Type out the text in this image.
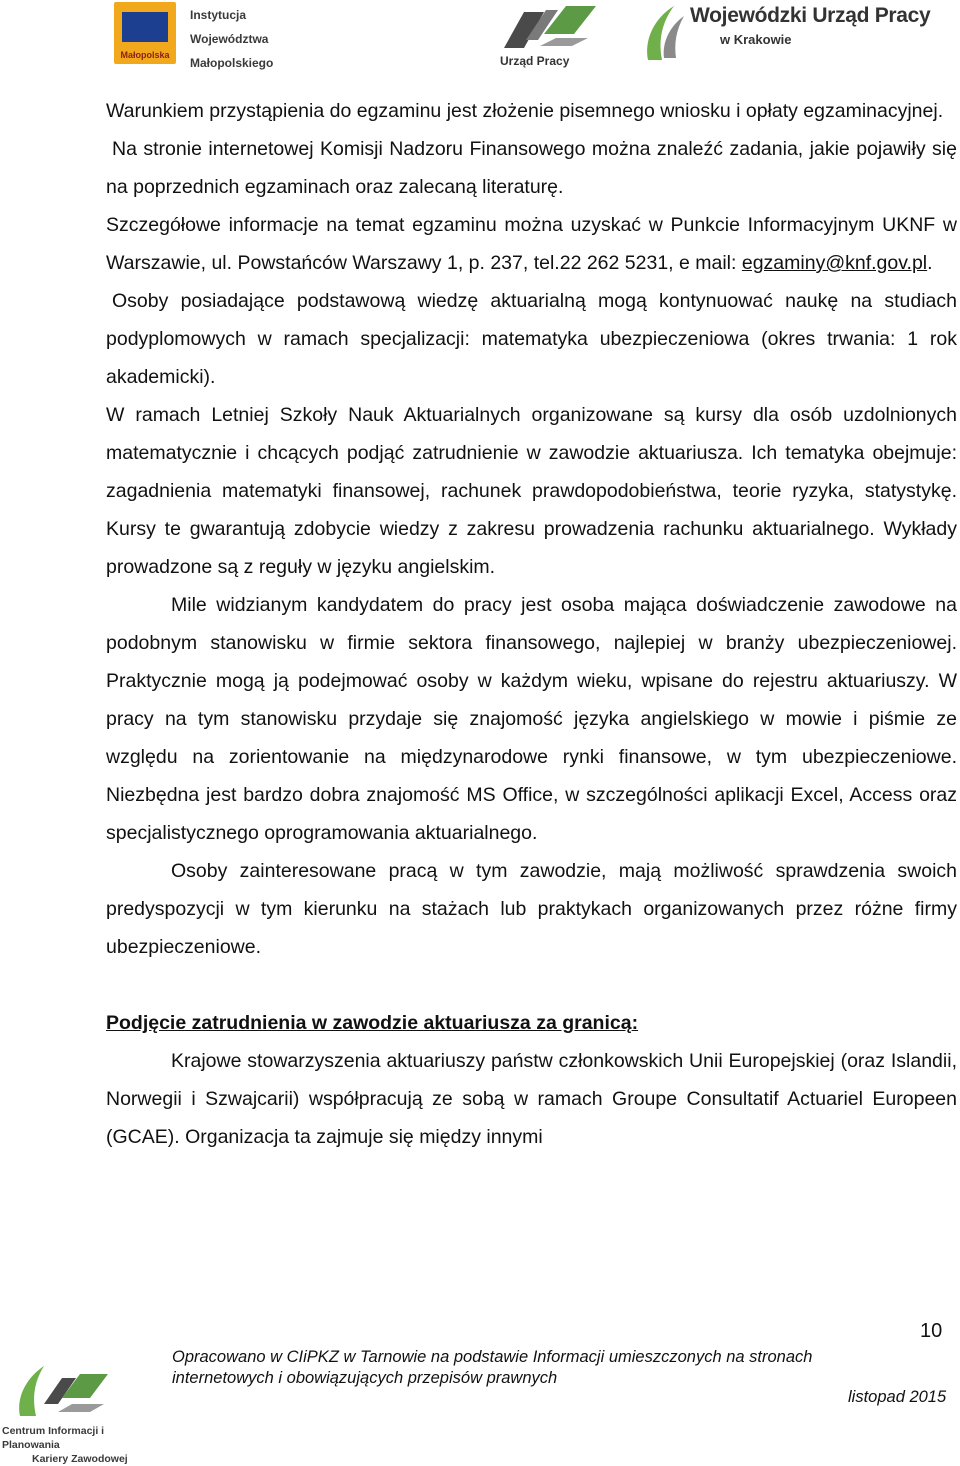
Małopolska
Instytucja
Województwa
Małopolskiego	Urząd Pracy
Wojewódzki Urząd Pracy
w Krakowie

Warunkiem przystąpienia do egzaminu jest złożenie pisemnego wniosku i opłaty egzaminacyjnej.

Na stronie internetowej Komisji Nadzoru Finansowego można znaleźć zadania, jakie pojawiły się na poprzednich egzaminach oraz zalecaną literaturę.

Szczegółowe informacje na temat egzaminu można uzyskać w Punkcie Informacyjnym UKNF w Warszawie, ul. Powstańców Warszawy 1, p. 237, tel.22 262 5231, e mail: egzaminy@knf.gov.pl.

Osoby posiadające podstawową wiedzę aktuarialną mogą kontynuować naukę na studiach podyplomowych w ramach specjalizacji: matematyka ubezpieczeniowa (okres trwania: 1 rok akademicki).

W ramach Letniej Szkoły Nauk Aktuarialnych organizowane są kursy dla osób uzdolnionych matematycznie i chcących podjąć zatrudnienie w zawodzie aktuariusza. Ich tematyka obejmuje: zagadnienia matematyki finansowej, rachunek prawdopodobieństwa, teorie ryzyka, statystykę. Kursy te gwarantują zdobycie wiedzy z zakresu prowadzenia rachunku aktuarialnego. Wykłady prowadzone są z reguły w języku angielskim.

Mile widzianym kandydatem do pracy jest osoba mająca doświadczenie zawodowe na podobnym stanowisku w firmie sektora finansowego, najlepiej w branży ubezpieczeniowej. Praktycznie mogą ją podejmować osoby w każdym wieku, wpisane do rejestru aktuariuszy. W pracy na tym stanowisku przydaje się znajomość języka angielskiego w mowie i piśmie ze względu na zorientowanie na międzynarodowe rynki finansowe, w tym ubezpieczeniowe. Niezbędna jest bardzo dobra znajomość MS Office, w szczególności aplikacji Excel, Access oraz specjalistycznego oprogramowania aktuarialnego.

Osoby zainteresowane pracą w tym zawodzie, mają możliwość sprawdzenia swoich predyspozycji w tym kierunku na stażach lub praktykach organizowanych przez różne firmy ubezpieczeniowe.

Podjęcie zatrudnienia w zawodzie aktuariusza za granicą:

Krajowe stowarzyszenia aktuariuszy państw członkowskich Unii Europejskiej (oraz Islandii, Norwegii i Szwajcarii) współpracują ze sobą w ramach Groupe Consultatif Actuariel Europeen (GCAE). Organizacja ta zajmuje się między innymi

10
Centrum Informacji i Planowania
Kariery Zawodowej
Opracowano w CIiPKZ w Tarnowie na podstawie Informacji umieszczonych na stronach
internetowych i obowiązujących przepisów prawnych
listopad 2015
